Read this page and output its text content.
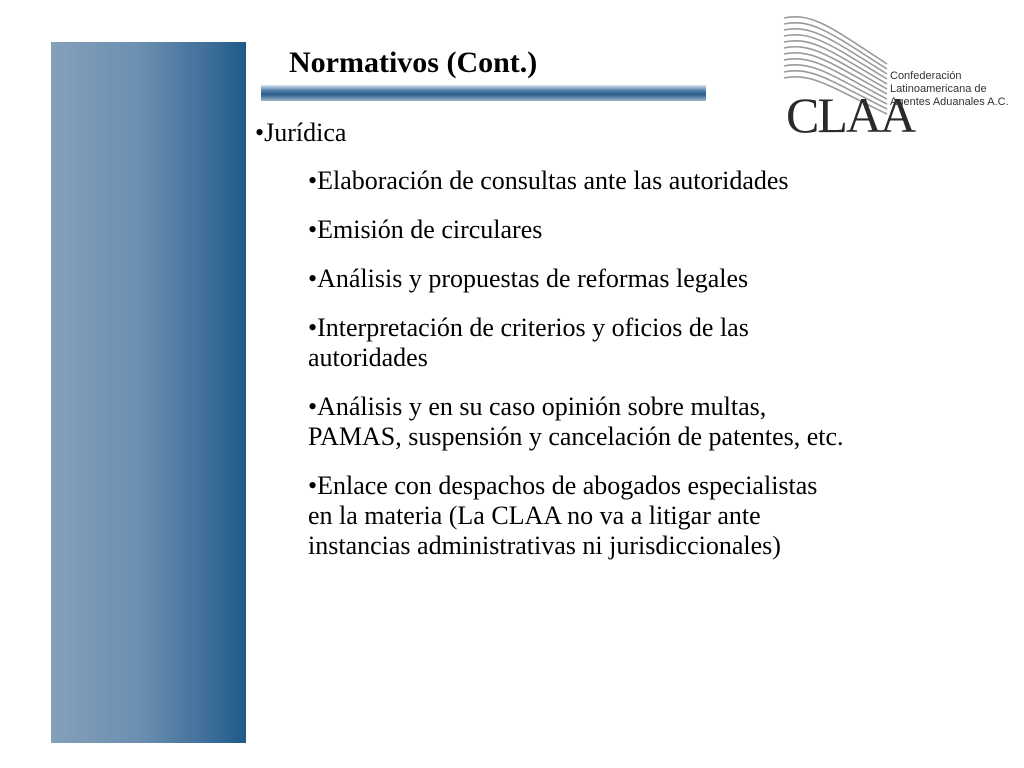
Normativos (Cont.)
CLAA
Confederación
Latinoamericana de
Agentes Aduanales A.C.
•Jurídica
•Elaboración de consultas ante las autoridades
•Emisión de circulares
•Análisis y propuestas de reformas legales
•Interpretación de criterios y oficios de las
autoridades
•Análisis y en su caso opinión sobre multas,
PAMAS, suspensión y cancelación de patentes, etc.
•Enlace con despachos de abogados especialistas
en la materia (La CLAA no va a litigar ante
instancias administrativas ni jurisdiccionales)
